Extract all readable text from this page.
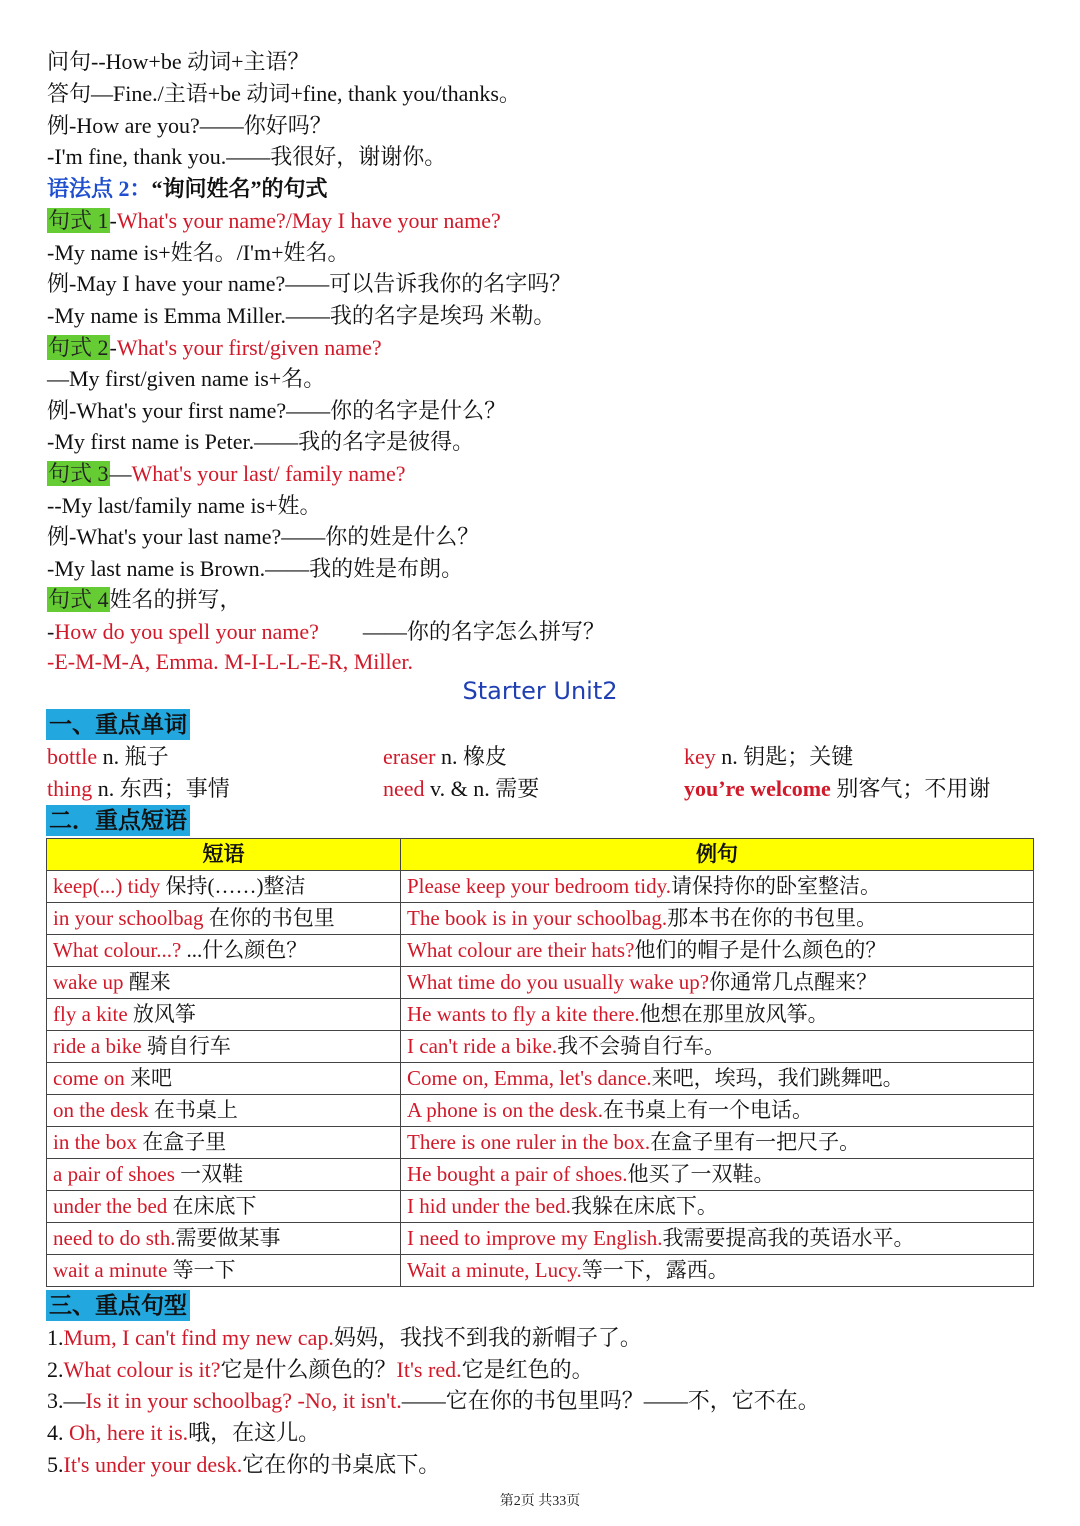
问句--How+be 动词+主语？
答句—Fine./主语+be 动词+fine, thank you/thanks。
例-How are you?——你好吗？
-I'm fine, thank you.——我很好，谢谢你。
语法点 2：“询问姓名”的句式
句式 1-What's your name?/May I have your name?
-My name is+姓名。/I'm+姓名。
例-May I have your name?——可以告诉我你的名字吗？
-My name is Emma Miller.——我的名字是埃玛 米勒。
句式 2-What's your first/given name?
—My first/given name is+名。
例-What's your first name?——你的名字是什么？
-My first name is Peter.——我的名字是彼得。
句式 3—What's your last/ family name?
--My last/family name is+姓。
例-What's your last name?——你的姓是什么？
-My last name is Brown.——我的姓是布朗。
句式 4姓名的拼写，
-How do you spell your name?        ——你的名字怎么拼写？
-E-M-M-A, Emma. M-I-L-L-E-R, Miller.
Starter Unit2
一、重点单词
bottle n. 瓶子	eraser n. 橡皮	key n. 钥匙；关键
thing n. 东西；事情	need v. & n. 需要	you’re welcome 别客气；不用谢
二．重点短语
短语	例句
keep(...) tidy 保持(……)整洁	Please keep your bedroom tidy.请保持你的卧室整洁。
in your schoolbag 在你的书包里	The book is in your schoolbag.那本书在你的书包里。
What colour...? ...什么颜色？	What colour are their hats?他们的帽子是什么颜色的？
wake up 醒来	What time do you usually wake up?你通常几点醒来？
fly a kite 放风筝	He wants to fly a kite there.他想在那里放风筝。
ride a bike 骑自行车	I can't ride a bike.我不会骑自行车。
come on 来吧	Come on, Emma, let's dance.来吧，埃玛，我们跳舞吧。
on the desk 在书桌上	A phone is on the desk.在书桌上有一个电话。
in the box 在盒子里	There is one ruler in the box.在盒子里有一把尺子。
a pair of shoes 一双鞋	He bought a pair of shoes.他买了一双鞋。
under the bed 在床底下	I hid under the bed.我躲在床底下。
need to do sth.需要做某事	I need to improve my English.我需要提高我的英语水平。
wait a minute 等一下	Wait a minute, Lucy.等一下，露西。
三、重点句型
1.Mum, I can't find my new cap.妈妈，我找不到我的新帽子了。
2.What colour is it?它是什么颜色的？It's red.它是红色的。
3.—Is it in your schoolbag? -No, it isn't.——它在你的书包里吗？——不，它不在。
4. Oh, here it is.哦，在这儿。
5.It's under your desk.它在你的书桌底下。
第2页 共33页
